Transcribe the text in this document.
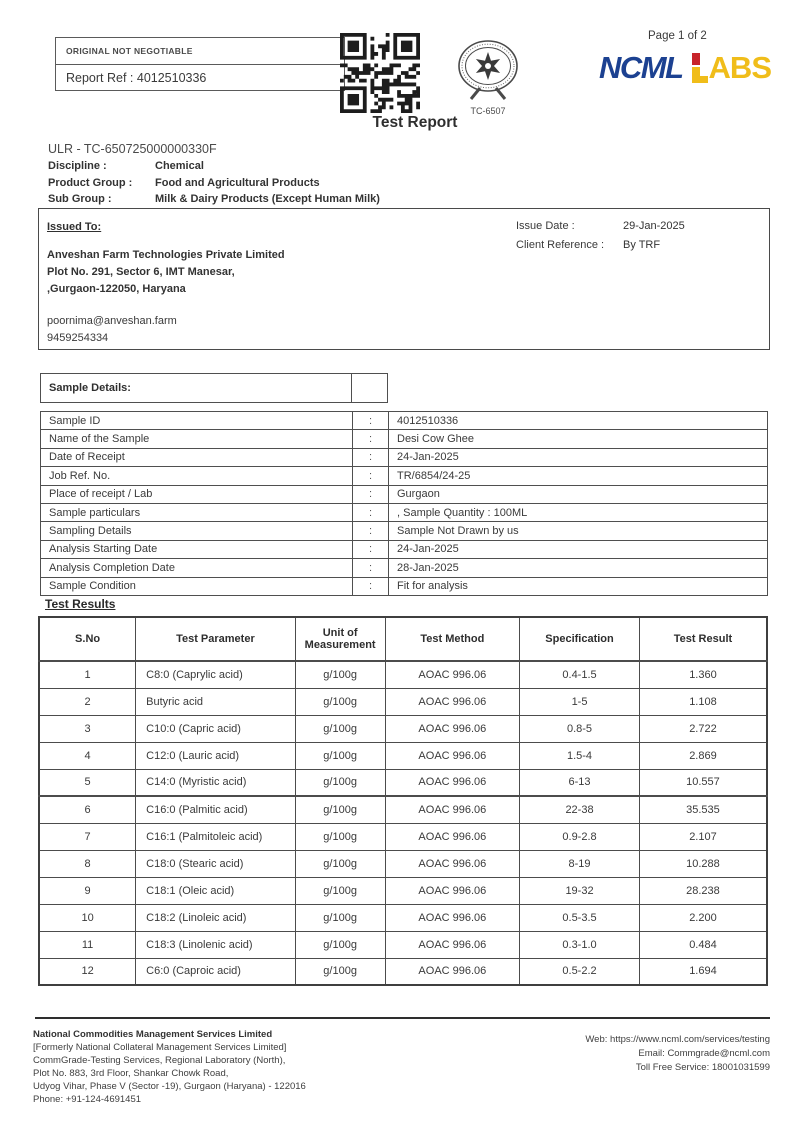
ORIGINAL NOT NEGOTIABLE
Report Ref : 4012510336
TC-6507
Page 1 of 2
NCML ABS
Test Report
ULR - TC-650725000000330F
Discipline :	Chemical
Product Group :	Food and Agricultural Products
Sub Group :	Milk & Dairy Products (Except Human Milk)
Issued To:
Anveshan Farm Technologies Private Limited
Plot No. 291, Sector 6, IMT Manesar,
,Gurgaon-122050, Haryana
poornima@anveshan.farm
9459254334
Issue Date :	29-Jan-2025
Client Reference :	By TRF
Sample Details:
Sample ID	:	4012510336
Name of the Sample	:	Desi Cow Ghee
Date of Receipt	:	24-Jan-2025
Job Ref. No.	:	TR/6854/24-25
Place of receipt / Lab	:	Gurgaon
Sample particulars	:	, Sample Quantity : 100ML
Sampling Details	:	Sample Not Drawn by us
Analysis Starting Date	:	24-Jan-2025
Analysis Completion Date	:	28-Jan-2025
Sample Condition	:	Fit for analysis
Test Results
S.No	Test Parameter	Unit of Measurement	Test Method	Specification	Test Result
1	C8:0 (Caprylic acid)	g/100g	AOAC 996.06	0.4-1.5	1.360
2	Butyric acid	g/100g	AOAC 996.06	1-5	1.108
3	C10:0 (Capric acid)	g/100g	AOAC 996.06	0.8-5	2.722
4	C12:0 (Lauric acid)	g/100g	AOAC 996.06	1.5-4	2.869
5	C14:0 (Myristic acid)	g/100g	AOAC 996.06	6-13	10.557
6	C16:0 (Palmitic acid)	g/100g	AOAC 996.06	22-38	35.535
7	C16:1 (Palmitoleic acid)	g/100g	AOAC 996.06	0.9-2.8	2.107
8	C18:0 (Stearic acid)	g/100g	AOAC 996.06	8-19	10.288
9	C18:1 (Oleic acid)	g/100g	AOAC 996.06	19-32	28.238
10	C18:2 (Linoleic acid)	g/100g	AOAC 996.06	0.5-3.5	2.200
11	C18:3 (Linolenic acid)	g/100g	AOAC 996.06	0.3-1.0	0.484
12	C6:0 (Caproic acid)	g/100g	AOAC 996.06	0.5-2.2	1.694
National Commodities Management Services Limited
[Formerly National Collateral Management Services Limited]
CommGrade-Testing Services, Regional Laboratory (North),
Plot No. 883, 3rd Floor, Shankar Chowk Road,
Udyog Vihar, Phase V (Sector -19), Gurgaon (Haryana) - 122016
Phone: +91-124-4691451
Web: https://www.ncml.com/services/testing
Email: Commgrade@ncml.com
Toll Free Service: 18001031599
